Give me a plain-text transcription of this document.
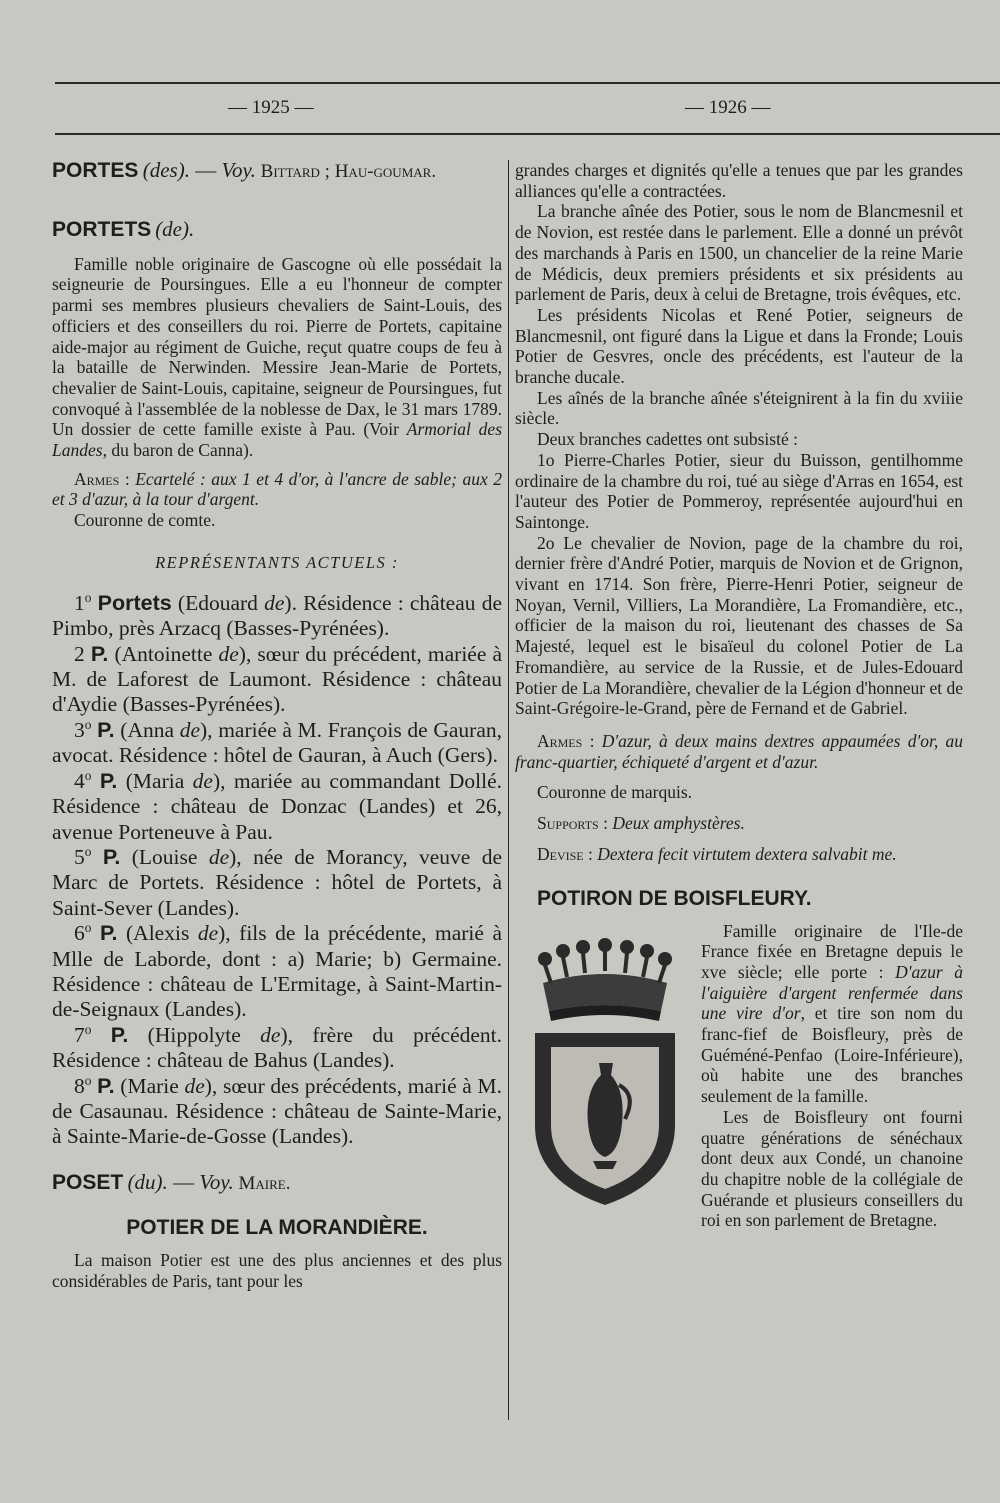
— 1925 —	— 1926 —

PORTES (des). — Voy. Bittard ; Hau-goumar.

PORTETS (de).

Famille noble originaire de Gascogne où elle possédait la seigneurie de Poursingues. Elle a eu l'honneur de compter parmi ses membres plusieurs chevaliers de Saint-Louis, des officiers et des conseillers du roi. Pierre de Portets, capitaine aide-major au régiment de Guiche, reçut quatre coups de feu à la bataille de Nerwinden. Messire Jean-Marie de Portets, chevalier de Saint-Louis, capitaine, seigneur de Poursingues, fut convoqué à l'assemblée de la noblesse de Dax, le 31 mars 1789. Un dossier de cette famille existe à Pau. (Voir Armorial des Landes, du baron de Canna).

Armes : Ecartelé : aux 1 et 4 d'or, à l'ancre de sable; aux 2 et 3 d'azur, à la tour d'argent.

Couronne de comte.

REPRÉSENTANTS ACTUELS :

1$^o$ Portets (Edouard de). Résidence : château de Pimbo, près Arzacq (Basses-Pyrénées).

2 P. (Antoinette de), sœur du précédent, mariée à M. de Laforest de Laumont. Résidence : château d'Aydie (Basses-Pyrénées).

3$^o$ P. (Anna de), mariée à M. François de Gauran, avocat. Résidence : hôtel de Gauran, à Auch (Gers).

4$^o$ P. (Maria de), mariée au commandant Dollé. Résidence : château de Donzac (Landes) et 26, avenue Porteneuve à Pau.

5$^o$ P. (Louise de), née de Morancy, veuve de Marc de Portets. Résidence : hôtel de Portets, à Saint-Sever (Landes).

6$^o$ P. (Alexis de), fils de la précédente, marié à Mlle de Laborde, dont : a) Marie; b) Germaine. Résidence : château de L'Ermitage, à Saint-Martin-de-Seignaux (Landes).

7$^o$ P. (Hippolyte de), frère du précédent. Résidence : château de Bahus (Landes).

8$^o$ P. (Marie de), sœur des précédents, marié à M. de Casaunau. Résidence : château de Sainte-Marie, à Sainte-Marie-de-Gosse (Landes).

POSET (du). — Voy. Maire.

POTIER DE LA MORANDIÈRE.

La maison Potier est une des plus anciennes et des plus considérables de Paris, tant pour les

grandes charges et dignités qu'elle a tenues que par les grandes alliances qu'elle a contractées.

La branche aînée des Potier, sous le nom de Blancmesnil et de Novion, est restée dans le parlement. Elle a donné un prévôt des marchands à Paris en 1500, un chancelier de la reine Marie de Médicis, deux premiers présidents et six présidents au parlement de Paris, deux à celui de Bretagne, trois évêques, etc.

Les présidents Nicolas et René Potier, seigneurs de Blancmesnil, ont figuré dans la Ligue et dans la Fronde; Louis Potier de Gesvres, oncle des précédents, est l'auteur de la branche ducale.

Les aînés de la branche aînée s'éteignirent à la fin du xviiie siècle.

Deux branches cadettes ont subsisté :

1o Pierre-Charles Potier, sieur du Buisson, gentilhomme ordinaire de la chambre du roi, tué au siège d'Arras en 1654, est l'auteur des Potier de Pommeroy, représentée aujourd'hui en Saintonge.

2o Le chevalier de Novion, page de la chambre du roi, dernier frère d'André Potier, marquis de Novion et de Grignon, vivant en 1714. Son frère, Pierre-Henri Potier, seigneur de Noyan, Vernil, Villiers, La Morandière, La Fromandière, etc., officier de la maison du roi, lieutenant des chasses de Sa Majesté, lequel est le bisaïeul du colonel Potier de La Fromandière, au service de la Russie, et de Jules-Edouard Potier de La Morandière, chevalier de la Légion d'honneur et de Saint-Grégoire-le-Grand, père de Fernand et de Gabriel.

Armes : D'azur, à deux mains dextres appaumées d'or, au franc-quartier, échiqueté d'argent et d'azur.

Couronne de marquis.

Supports : Deux amphystères.

Devise : Dextera fecit virtutem dextera salvabit me.

POTIRON DE BOISFLEURY.

Famille originaire de l'Ile-de France fixée en Bretagne depuis le xve siècle; elle porte : D'azur à l'aiguière d'argent renfermée dans une vire d'or, et tire son nom du franc-fief de Boisfleury, près de Guéméné-Penfao (Loire-Inférieure), où habite une des branches seulement de la famille.

Les de Boisfleury ont fourni quatre générations de sénéchaux dont deux aux Condé, un chanoine du chapitre noble de la collégiale de Guérande et plusieurs conseillers du roi en son parlement de Bretagne.
